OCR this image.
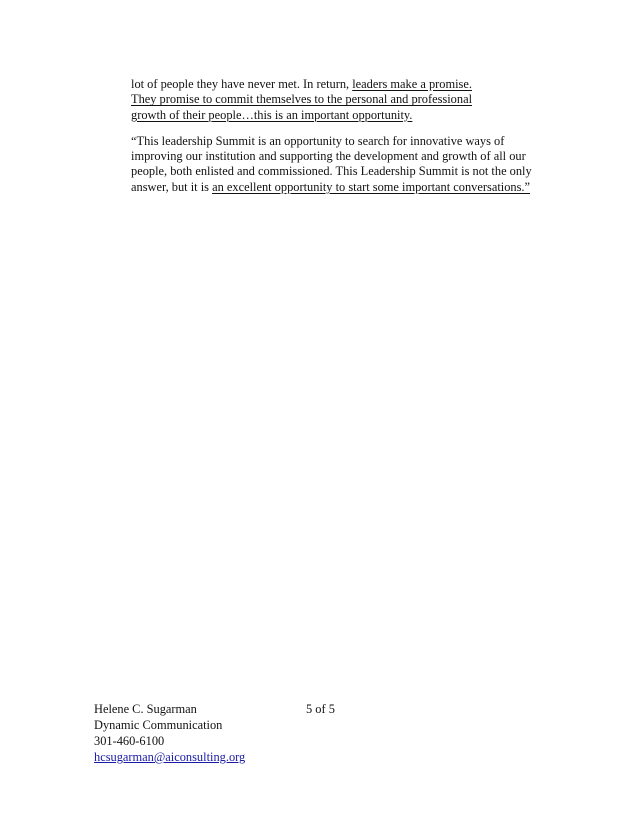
lot of people they have never met. In return, leaders make a promise.
They promise to commit themselves to the personal and professional
growth of their people…this is an important opportunity.

“This leadership Summit is an opportunity to search for innovative ways of
improving our institution and supporting the development and growth of all our
people, both enlisted and commissioned. This Leadership Summit is not the only
answer, but it is an excellent opportunity to start some important conversations.”

Helene C. Sugarman
Dynamic Communication
301-460-6100
hcsugarman@aiconsulting.org
5 of 5
